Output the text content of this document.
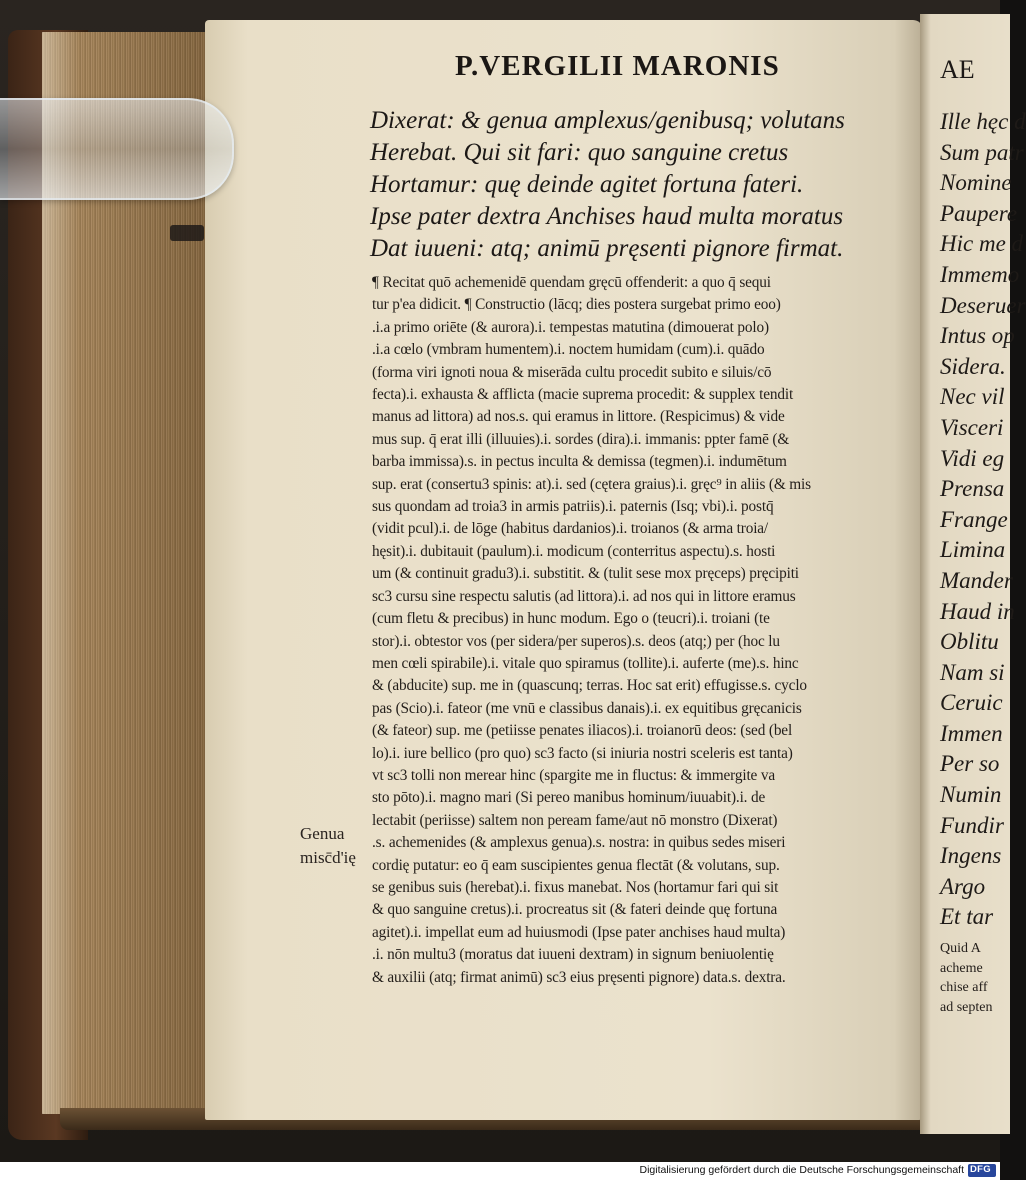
P.VERGILII MARONIS
Dixerat: & genua amplexus/genibusq; volutans
Herebat. Qui sit fari: quo sanguine cretus
Hortamur: quę deinde agitet fortuna fateri.
Ipse pater dextra Anchises haud multa moratus
Dat iuueni: atq; animū pręsenti pignore firmat.
¶ Recitat quō achemenidē quendam gręcū offenderit: a quo q̄ sequi
tur p'ea didicit. ¶ Constructio (lācq; dies postera surgebat primo eoo)
.i.a primo oriēte (& aurora).i. tempestas matutina (dimouerat polo)
.i.a cœlo (vmbram humentem).i. noctem humidam (cum).i. quādo
(forma viri ignoti noua & miserāda cultu procedit subito e siluis/cō
fecta).i. exhausta & afflicta (macie suprema procedit: & supplex tendit
manus ad littora) ad nos.s. qui eramus in littore. (Respicimus) & vide
mus sup. q̄ erat illi (illuuies).i. sordes (dira).i. immanis: ppter famē (&
barba immissa).s. in pectus inculta & demissa (tegmen).i. indumētum
sup. erat (consertu3 spinis: at).i. sed (cętera graius).i. gręc⁹ in aliis (& mis
sus quondam ad troia3 in armis patriis).i. paternis (Isq; vbi).i. postq̄
(vidit pcul).i. de lōge (habitus dardanios).i. troianos (& arma troia/
hęsit).i. dubitauit (paulum).i. modicum (conterritus aspectu).s. hosti
um (& continuit gradu3).i. substitit. & (tulit sese mox pręceps) pręcipiti
sc3 cursu sine respectu salutis (ad littora).i. ad nos qui in littore eramus
(cum fletu & precibus) in hunc modum. Ego o (teucri).i. troiani (te
stor).i. obtestor vos (per sidera/per superos).s. deos (atq;) per (hoc lu
men cœli spirabile).i. vitale quo spiramus (tollite).i. auferte (me).s. hinc
& (abducite) sup. me in (quascunq; terras. Hoc sat erit) effugisse.s. cyclo
pas (Scio).i. fateor (me vnū e classibus danais).i. ex equitibus gręcanicis
(& fateor) sup. me (petiisse penates iliacos).i. troianorū deos: (sed (bel
lo).i. iure bellico (pro quo) sc3 facto (si iniuria nostri sceleris est tanta)
vt sc3 tolli non merear hinc (spargite me in fluctus: & immergite va
sto pōto).i. magno mari (Si pereo manibus hominum/iuuabit).i. de
lectabit (periisse) saltem non peream fame/aut nō monstro (Dixerat)
.s. achemenides (& amplexus genua).s. nostra: in quibus sedes miseri
cordię putatur: eo q̄ eam suscipientes genua flectāt (& volutans, sup.
se genibus suis (herebat).i. fixus manebat. Nos (hortamur fari qui sit
& quo sanguine cretus).i. procreatus sit (& fateri deinde quę fortuna
agitet).i. impellat eum ad huiusmodi (Ipse pater anchises haud multa)
.i. nōn multu3 (moratus dat iuueni dextram) in signum beniuolentię
& auxilii (atq; firmat animū) sc3 eius pręsenti pignore) data.s. dextra.
Genua
misc̄d'ię
AE
Ille hęc d
Sum patr
Nomine
Paupere
Hic me d
Immemo
Deseruer
Intus op
Sidera.
Nec vil
Visceri
Vidi eg
Prensa
Frange
Limina
Mander
Haud in
Oblitu
Nam si
Ceruic
Immen
Per so
Numin
Fundir
Ingens
Argo
Et tar
Quid A
acheme
chise aff
ad septen
Digitalisierung gefördert durch die Deutsche Forschungsgemeinschaft DFG
